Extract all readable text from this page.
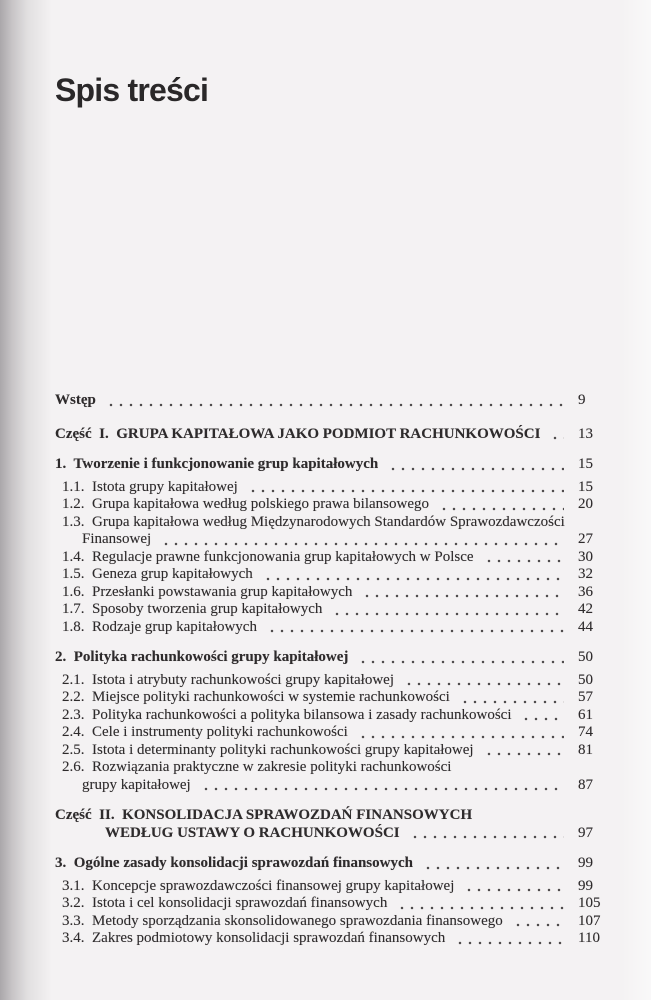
Spis treści
Wstęp	9
Część  I.  GRUPA KAPITAŁOWA JAKO PODMIOT RACHUNKOWOŚCI	13
1.  Tworzenie i funkcjonowanie grup kapitałowych	15
1.1.  Istota grupy kapitałowej	15
1.2.  Grupa kapitałowa według polskiego prawa bilansowego	20
1.3.  Grupa kapitałowa według Międzynarodowych Standardów Sprawozdawczości
Finansowej	27
1.4.  Regulacje prawne funkcjonowania grup kapitałowych w Polsce	30
1.5.  Geneza grup kapitałowych	32
1.6.  Przesłanki powstawania grup kapitałowych	36
1.7.  Sposoby tworzenia grup kapitałowych	42
1.8.  Rodzaje grup kapitałowych	44
2.  Polityka rachunkowości grupy kapitałowej	50
2.1.  Istota i atrybuty rachunkowości grupy kapitałowej	50
2.2.  Miejsce polityki rachunkowości w systemie rachunkowości	57
2.3.  Polityka rachunkowości a polityka bilansowa i zasady rachunkowości	61
2.4.  Cele i instrumenty polityki rachunkowości	74
2.5.  Istota i determinanty polityki rachunkowości grupy kapitałowej	81
2.6.  Rozwiązania praktyczne w zakresie polityki rachunkowości
grupy kapitałowej	87
Część  II.  KONSOLIDACJA SPRAWOZDAŃ FINANSOWYCH
WEDŁUG USTAWY O RACHUNKOWOŚCI	97
3.  Ogólne zasady konsolidacji sprawozdań finansowych	99
3.1.  Koncepcje sprawozdawczości finansowej grupy kapitałowej	99
3.2.  Istota i cel konsolidacji sprawozdań finansowych	105
3.3.  Metody sporządzania skonsolidowanego sprawozdania finansowego	107
3.4.  Zakres podmiotowy konsolidacji sprawozdań finansowych	110
